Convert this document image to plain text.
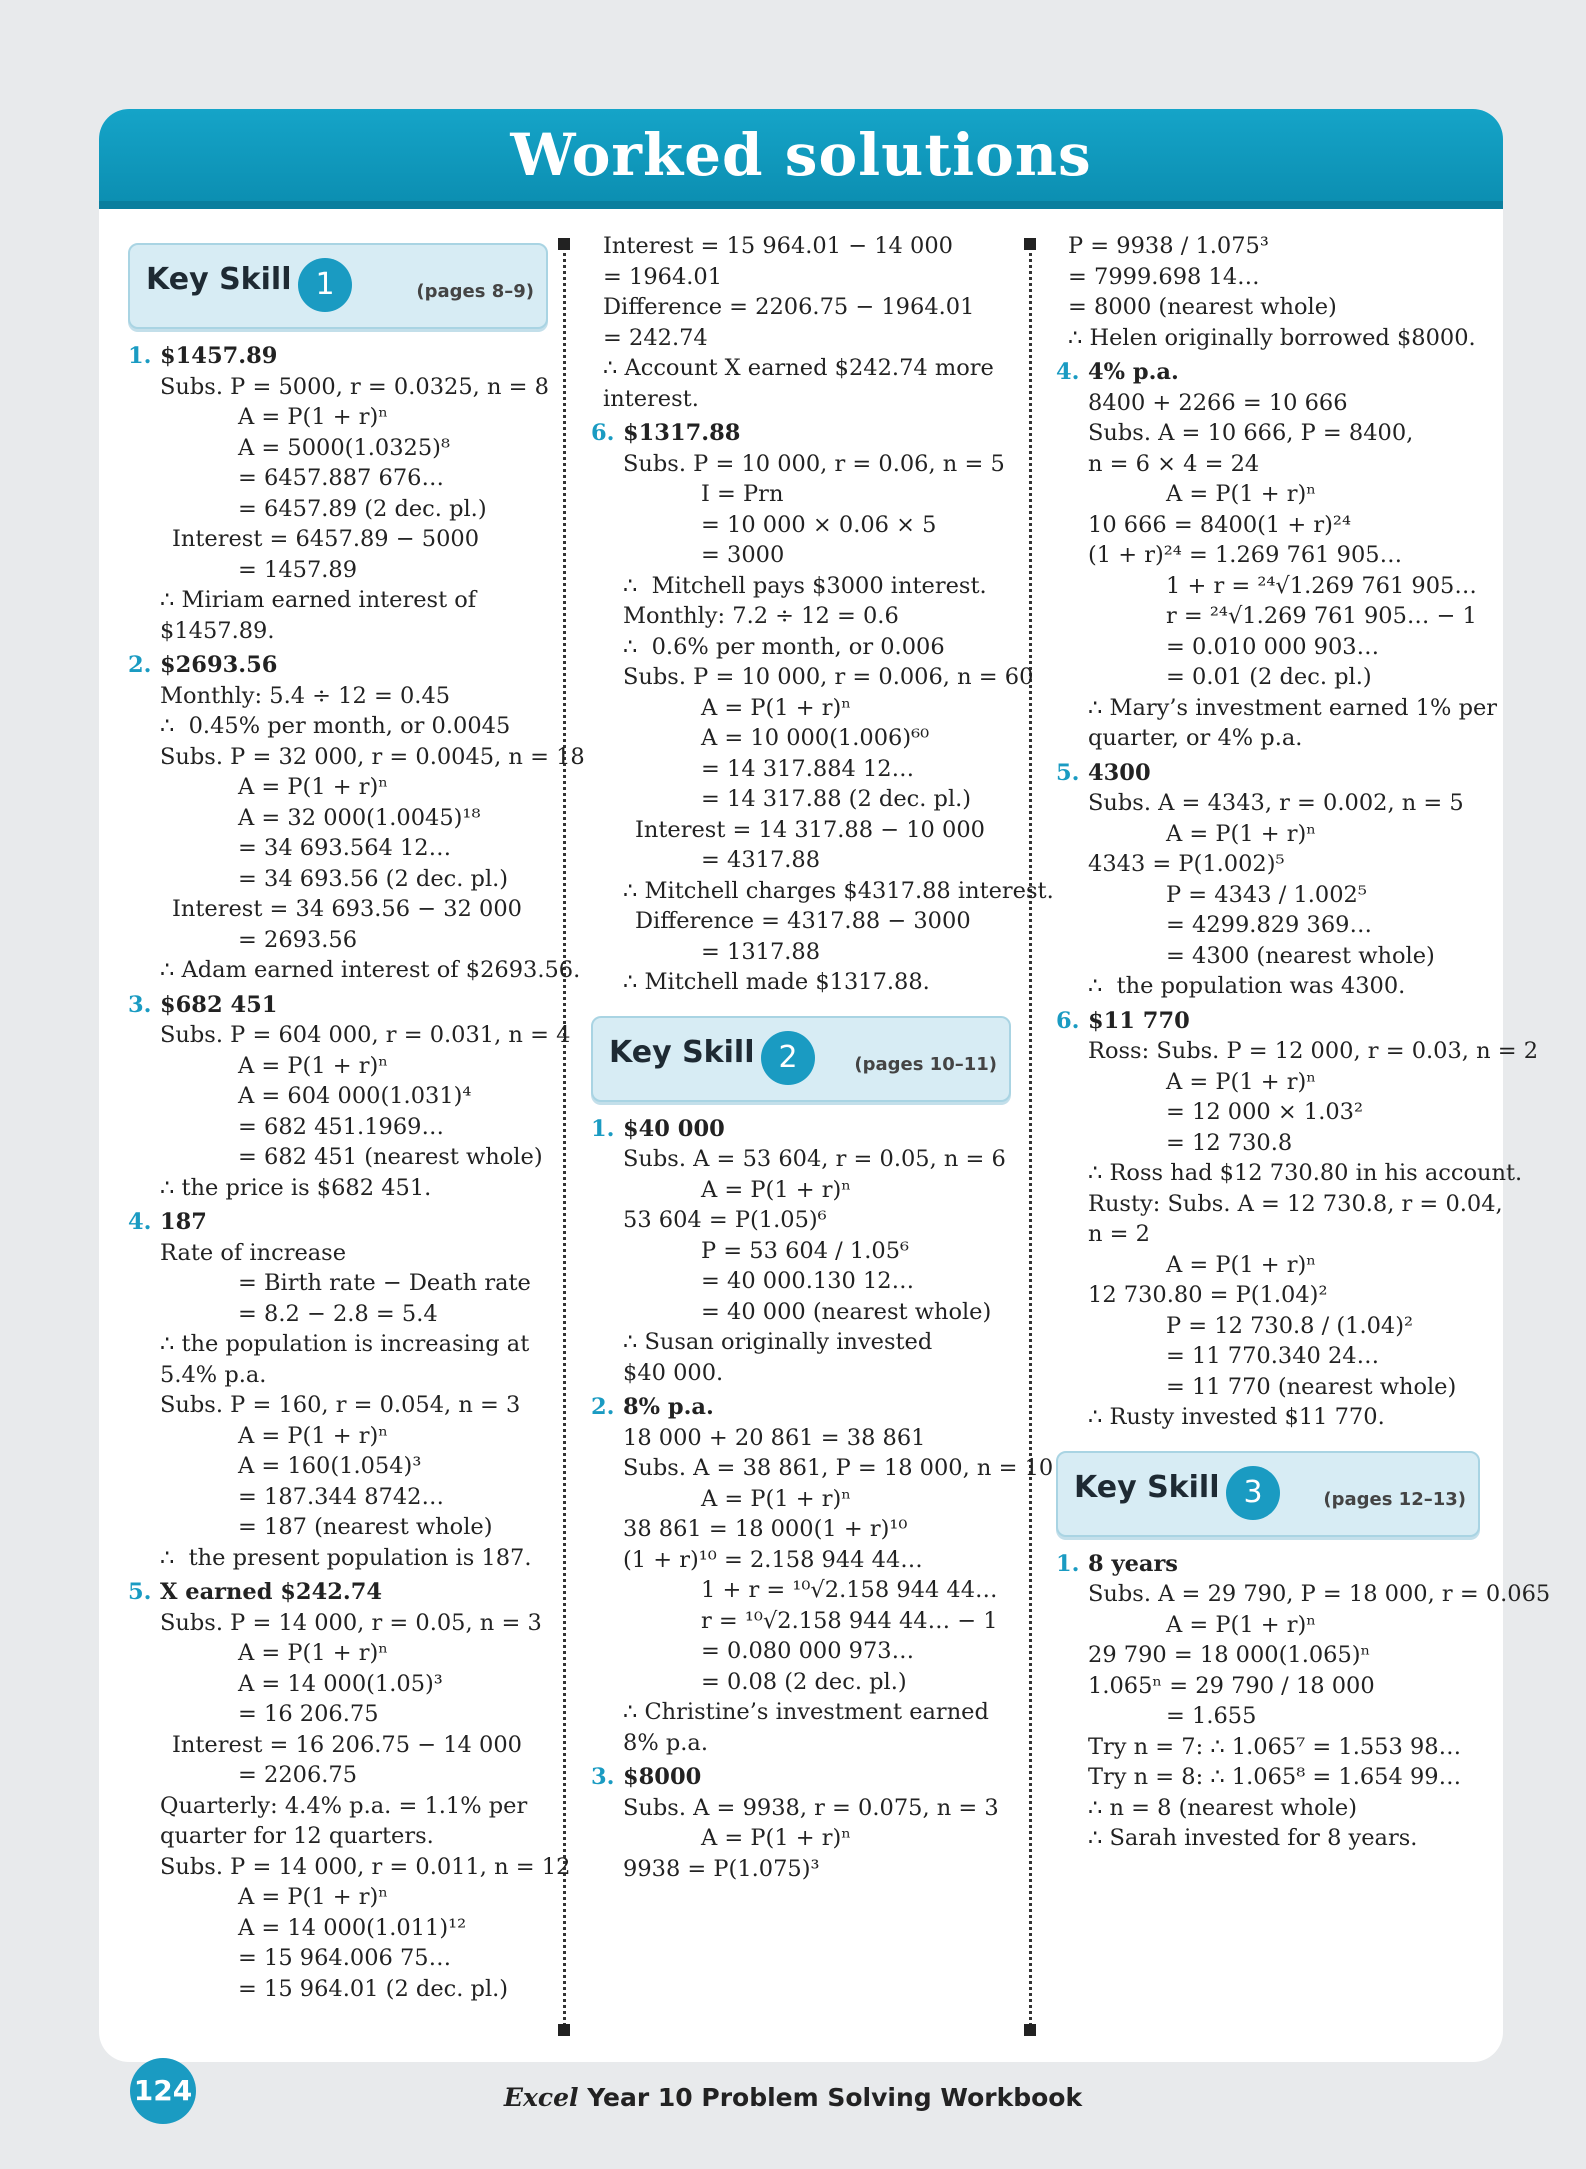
Worked solutions
Key Skill 1	(pages 8–9)
1. $1457.89
Subs. P = 5000, r = 0.0325, n = 8
A = P(1 + r)ⁿ
A = 5000(1.0325)⁸
= 6457.887 676…
= 6457.89 (2 dec. pl.)
Interest = 6457.89 − 5000
= 1457.89
∴ Miriam earned interest of
$1457.89.
2. $2693.56
Monthly: 5.4 ÷ 12 = 0.45
∴  0.45% per month, or 0.0045
Subs. P = 32 000, r = 0.0045, n = 18
A = P(1 + r)ⁿ
A = 32 000(1.0045)¹⁸
= 34 693.564 12…
= 34 693.56 (2 dec. pl.)
Interest = 34 693.56 − 32 000
= 2693.56
∴ Adam earned interest of $2693.56.
3. $682 451
Subs. P = 604 000, r = 0.031, n = 4
A = P(1 + r)ⁿ
A = 604 000(1.031)⁴
= 682 451.1969…
= 682 451 (nearest whole)
∴ the price is $682 451.
4. 187
Rate of increase
= Birth rate − Death rate
= 8.2 − 2.8 = 5.4
∴ the population is increasing at
5.4% p.a.
Subs. P = 160, r = 0.054, n = 3
A = P(1 + r)ⁿ
A = 160(1.054)³
= 187.344 8742…
= 187 (nearest whole)
∴  the present population is 187.
5. X earned $242.74
Subs. P = 14 000, r = 0.05, n = 3
A = P(1 + r)ⁿ
A = 14 000(1.05)³
= 16 206.75
Interest = 16 206.75 − 14 000
= 2206.75
Quarterly: 4.4% p.a. = 1.1% per
quarter for 12 quarters.
Subs. P = 14 000, r = 0.011, n = 12
A = P(1 + r)ⁿ
A = 14 000(1.011)¹²
= 15 964.006 75…
= 15 964.01 (2 dec. pl.)
Interest = 15 964.01 − 14 000
= 1964.01
Difference = 2206.75 − 1964.01
= 242.74
∴ Account X earned $242.74 more
interest.
6. $1317.88
Subs. P = 10 000, r = 0.06, n = 5
I = Prn
= 10 000 × 0.06 × 5
= 3000
∴  Mitchell pays $3000 interest.
Monthly: 7.2 ÷ 12 = 0.6
∴  0.6% per month, or 0.006
Subs. P = 10 000, r = 0.006, n = 60
A = P(1 + r)ⁿ
A = 10 000(1.006)⁶⁰
= 14 317.884 12…
= 14 317.88 (2 dec. pl.)
Interest = 14 317.88 − 10 000
= 4317.88
∴ Mitchell charges $4317.88 interest.
Difference = 4317.88 − 3000
= 1317.88
∴ Mitchell made $1317.88.
Key Skill 2	(pages 10–11)
1. $40 000
Subs. A = 53 604, r = 0.05, n = 6
A = P(1 + r)ⁿ
53 604 = P(1.05)⁶
P = 53 604 / 1.05⁶
= 40 000.130 12…
= 40 000 (nearest whole)
∴ Susan originally invested
$40 000.
2. 8% p.a.
18 000 + 20 861 = 38 861
Subs. A = 38 861, P = 18 000, n = 10
A = P(1 + r)ⁿ
38 861 = 18 000(1 + r)¹⁰
(1 + r)¹⁰ = 2.158 944 44…
1 + r = ¹⁰√2.158 944 44…
r = ¹⁰√2.158 944 44… − 1
= 0.080 000 973…
= 0.08 (2 dec. pl.)
∴ Christine’s investment earned
8% p.a.
3. $8000
Subs. A = 9938, r = 0.075, n = 3
A = P(1 + r)ⁿ
9938 = P(1.075)³
P = 9938 / 1.075³
= 7999.698 14…
= 8000 (nearest whole)
∴ Helen originally borrowed $8000.
4. 4% p.a.
8400 + 2266 = 10 666
Subs. A = 10 666, P = 8400,
n = 6 × 4 = 24
A = P(1 + r)ⁿ
10 666 = 8400(1 + r)²⁴
(1 + r)²⁴ = 1.269 761 905…
1 + r = ²⁴√1.269 761 905…
r = ²⁴√1.269 761 905… − 1
= 0.010 000 903…
= 0.01 (2 dec. pl.)
∴ Mary’s investment earned 1% per
quarter, or 4% p.a.
5. 4300
Subs. A = 4343, r = 0.002, n = 5
A = P(1 + r)ⁿ
4343 = P(1.002)⁵
P = 4343 / 1.002⁵
= 4299.829 369…
= 4300 (nearest whole)
∴  the population was 4300.
6. $11 770
Ross: Subs. P = 12 000, r = 0.03, n = 2
A = P(1 + r)ⁿ
= 12 000 × 1.03²
= 12 730.8
∴ Ross had $12 730.80 in his account.
Rusty: Subs. A = 12 730.8, r = 0.04,
n = 2
A = P(1 + r)ⁿ
12 730.80 = P(1.04)²
P = 12 730.8 / (1.04)²
= 11 770.340 24…
= 11 770 (nearest whole)
∴ Rusty invested $11 770.
Key Skill 3	(pages 12–13)
1. 8 years
Subs. A = 29 790, P = 18 000, r = 0.065
A = P(1 + r)ⁿ
29 790 = 18 000(1.065)ⁿ
1.065ⁿ = 29 790 / 18 000
= 1.655
Try n = 7: ∴ 1.065⁷ = 1.553 98…
Try n = 8: ∴ 1.065⁸ = 1.654 99…
∴ n = 8 (nearest whole)
∴ Sarah invested for 8 years.
124	Excel Year 10 Problem Solving Workbook
